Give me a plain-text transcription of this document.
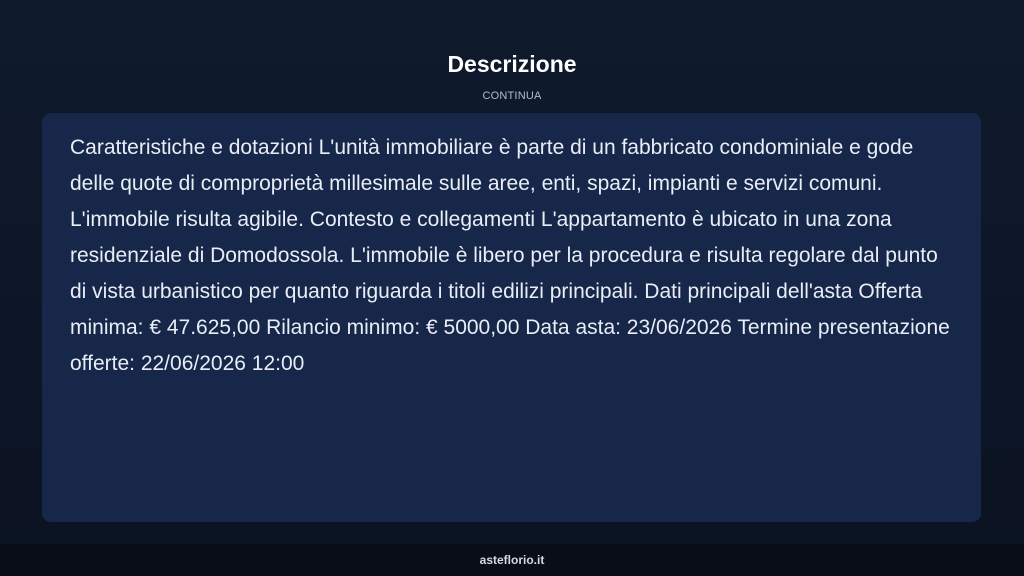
Descrizione
CONTINUA

Caratteristiche e dotazioni L'unità immobiliare è parte di un fabbricato condominiale e gode delle quote di comproprietà millesimale sulle aree, enti, spazi, impianti e servizi comuni. L'immobile risulta agibile. Contesto e collegamenti L'appartamento è ubicato in una zona residenziale di Domodossola. L'immobile è libero per la procedura e risulta regolare dal punto di vista urbanistico per quanto riguarda i titoli edilizi principali. Dati principali dell'asta Offerta minima: € 47.625,00 Rilancio minimo: € 5000,00 Data asta: 23/06/2026 Termine presentazione offerte: 22/06/2026 12:00

asteflorio.it
